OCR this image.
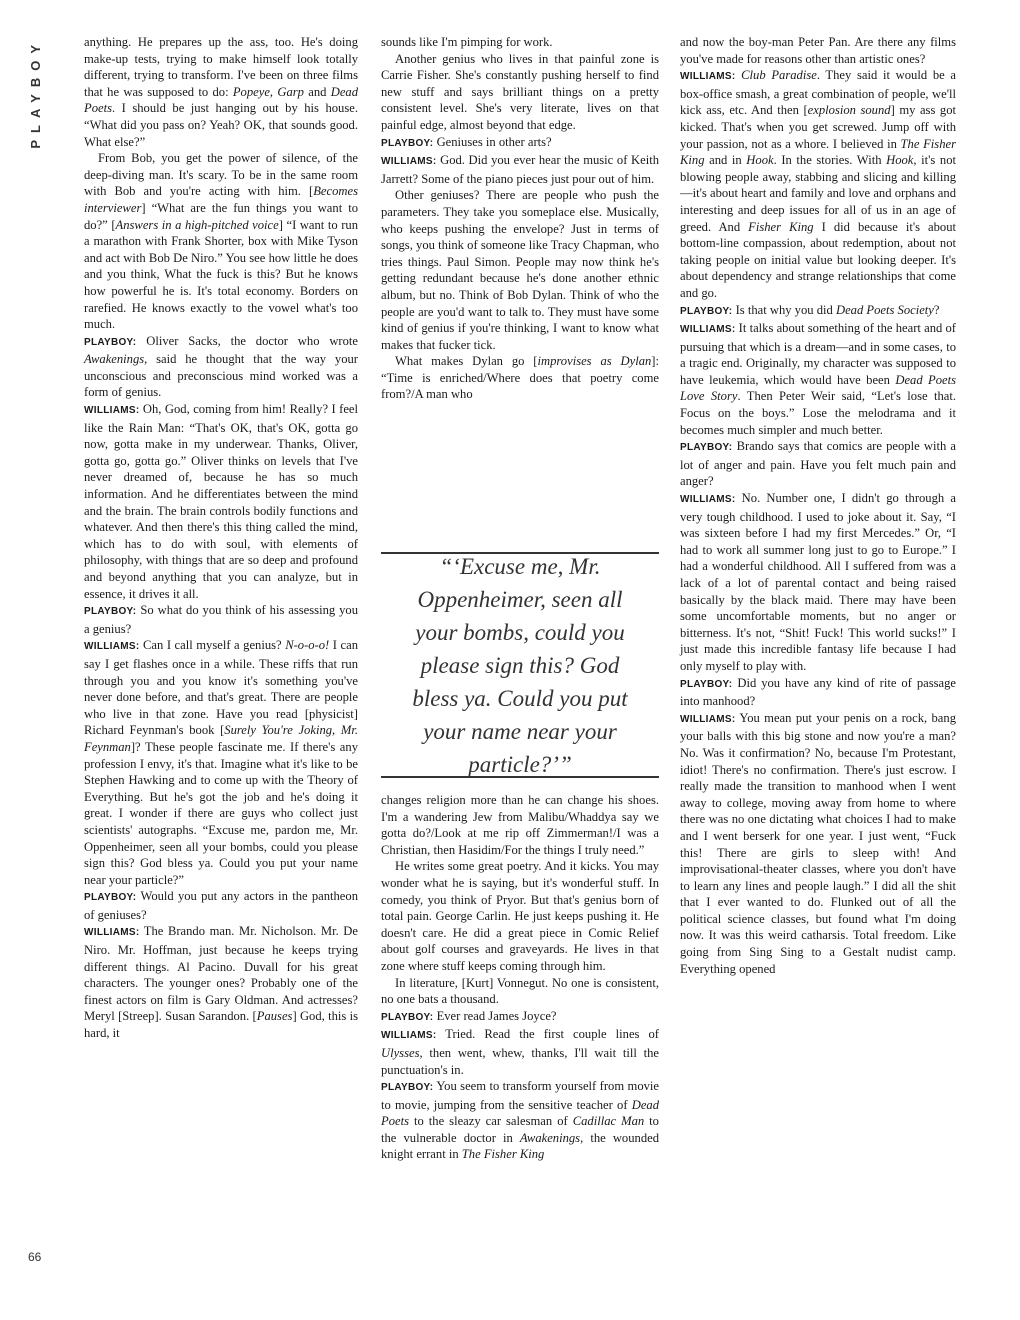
PLAYBOY
66

anything. He prepares up the ass, too. He's doing make-up tests, trying to make himself look totally different, trying to transform. I've been on three films that he was supposed to do: Popeye, Garp and Dead Poets. I should be just hanging out by his house. “What did you pass on? Yeah? OK, that sounds good. What else?”

From Bob, you get the power of silence, of the deep-diving man. It's scary. To be in the same room with Bob and you're acting with him. [Becomes interviewer] “What are the fun things you want to do?” [Answers in a high-pitched voice] “I want to run a marathon with Frank Shorter, box with Mike Tyson and act with Bob De Niro.” You see how little he does and you think, What the fuck is this? But he knows how powerful he is. It's total economy. Borders on rarefied. He knows exactly to the vowel what's too much.

PLAYBOY: Oliver Sacks, the doctor who wrote Awakenings, said he thought that the way your unconscious and preconscious mind worked was a form of genius.

WILLIAMS: Oh, God, coming from him! Really? I feel like the Rain Man: “That's OK, that's OK, gotta go now, gotta make in my underwear. Thanks, Oliver, gotta go, gotta go.” Oliver thinks on levels that I've never dreamed of, because he has so much information. And he differentiates between the mind and the brain. The brain controls bodily functions and whatever. And then there's this thing called the mind, which has to do with soul, with elements of philosophy, with things that are so deep and profound and beyond anything that you can analyze, but in essence, it drives it all.

PLAYBOY: So what do you think of his assessing you a genius?

WILLIAMS: Can I call myself a genius? N-o-o-o! I can say I get flashes once in a while. These riffs that run through you and you know it's something you've never done before, and that's great. There are people who live in that zone. Have you read [physicist] Richard Feynman's book [Surely You're Joking, Mr. Feynman]? These people fascinate me. If there's any profession I envy, it's that. Imagine what it's like to be Stephen Hawking and to come up with the Theory of Everything. But he's got the job and he's doing it great. I wonder if there are guys who collect just scientists' autographs. “Excuse me, pardon me, Mr. Oppenheimer, seen all your bombs, could you please sign this? God bless ya. Could you put your name near your particle?”

PLAYBOY: Would you put any actors in the pantheon of geniuses?

WILLIAMS: The Brando man. Mr. Nicholson. Mr. De Niro. Mr. Hoffman, just because he keeps trying different things. Al Pacino. Duvall for his great characters. The younger ones? Probably one of the finest actors on film is Gary Oldman. And actresses? Meryl [Streep]. Susan Sarandon. [Pauses] God, this is hard, it

sounds like I'm pimping for work.

Another genius who lives in that painful zone is Carrie Fisher. She's constantly pushing herself to find new stuff and says brilliant things on a pretty consistent level. She's very literate, lives on that painful edge, almost beyond that edge.

PLAYBOY: Geniuses in other arts?

WILLIAMS: God. Did you ever hear the music of Keith Jarrett? Some of the piano pieces just pour out of him.

Other geniuses? There are people who push the parameters. They take you someplace else. Musically, who keeps pushing the envelope? Just in terms of songs, you think of someone like Tracy Chapman, who tries things. Paul Simon. People may now think he's getting redundant because he's done another ethnic album, but no. Think of Bob Dylan. Think of who the people are you'd want to talk to. They must have some kind of genius if you're thinking, I want to know what makes that fucker tick.

What makes Dylan go [improvises as Dylan]: “Time is enriched/Where does that poetry come from?/A man who

“‘Excuse me, Mr. Oppenheimer, seen all your bombs, could you please sign this? God bless ya. Could you put your name near your particle?’”

changes religion more than he can change his shoes. I'm a wandering Jew from Malibu/Whaddya say we gotta do?/Look at me rip off Zimmerman!/I was a Christian, then Hasidim/For the things I truly need.”

He writes some great poetry. And it kicks. You may wonder what he is saying, but it's wonderful stuff. In comedy, you think of Pryor. But that's genius born of total pain. George Carlin. He just keeps pushing it. He doesn't care. He did a great piece in Comic Relief about golf courses and graveyards. He lives in that zone where stuff keeps coming through him.

In literature, [Kurt] Vonnegut. No one is consistent, no one bats a thousand.

PLAYBOY: Ever read James Joyce?

WILLIAMS: Tried. Read the first couple lines of Ulysses, then went, whew, thanks, I'll wait till the punctuation's in.

PLAYBOY: You seem to transform yourself from movie to movie, jumping from the sensitive teacher of Dead Poets to the sleazy car salesman of Cadillac Man to the vulnerable doctor in Awakenings, the wounded knight errant in The Fisher King

and now the boy-man Peter Pan. Are there any films you've made for reasons other than artistic ones?

WILLIAMS: Club Paradise. They said it would be a box-office smash, a great combination of people, we'll kick ass, etc. And then [explosion sound] my ass got kicked. That's when you get screwed. Jump off with your passion, not as a whore. I believed in The Fisher King and in Hook. In the stories. With Hook, it's not blowing people away, stabbing and slicing and killing—it's about heart and family and love and orphans and interesting and deep issues for all of us in an age of greed. And Fisher King I did because it's about bottom-line compassion, about redemption, about not taking people on initial value but looking deeper. It's about dependency and strange relationships that come and go.

PLAYBOY: Is that why you did Dead Poets Society?

WILLIAMS: It talks about something of the heart and of pursuing that which is a dream—and in some cases, to a tragic end. Originally, my character was supposed to have leukemia, which would have been Dead Poets Love Story. Then Peter Weir said, “Let's lose that. Focus on the boys.” Lose the melodrama and it becomes much simpler and much better.

PLAYBOY: Brando says that comics are people with a lot of anger and pain. Have you felt much pain and anger?

WILLIAMS: No. Number one, I didn't go through a very tough childhood. I used to joke about it. Say, “I was sixteen before I had my first Mercedes.” Or, “I had to work all summer long just to go to Europe.” I had a wonderful childhood. All I suffered from was a lack of a lot of parental contact and being raised basically by the black maid. There may have been some uncomfortable moments, but no anger or bitterness. It's not, “Shit! Fuck! This world sucks!” I just made this incredible fantasy life because I had only myself to play with.

PLAYBOY: Did you have any kind of rite of passage into manhood?

WILLIAMS: You mean put your penis on a rock, bang your balls with this big stone and now you're a man? No. Was it confirmation? No, because I'm Protestant, idiot! There's no confirmation. There's just escrow. I really made the transition to manhood when I went away to college, moving away from home to where there was no one dictating what choices I had to make and I went berserk for one year. I just went, “Fuck this! There are girls to sleep with! And improvisational-theater classes, where you don't have to learn any lines and people laugh.” I did all the shit that I ever wanted to do. Flunked out of all the political science classes, but found what I'm doing now. It was this weird catharsis. Total freedom. Like going from Sing Sing to a Gestalt nudist camp. Everything opened
